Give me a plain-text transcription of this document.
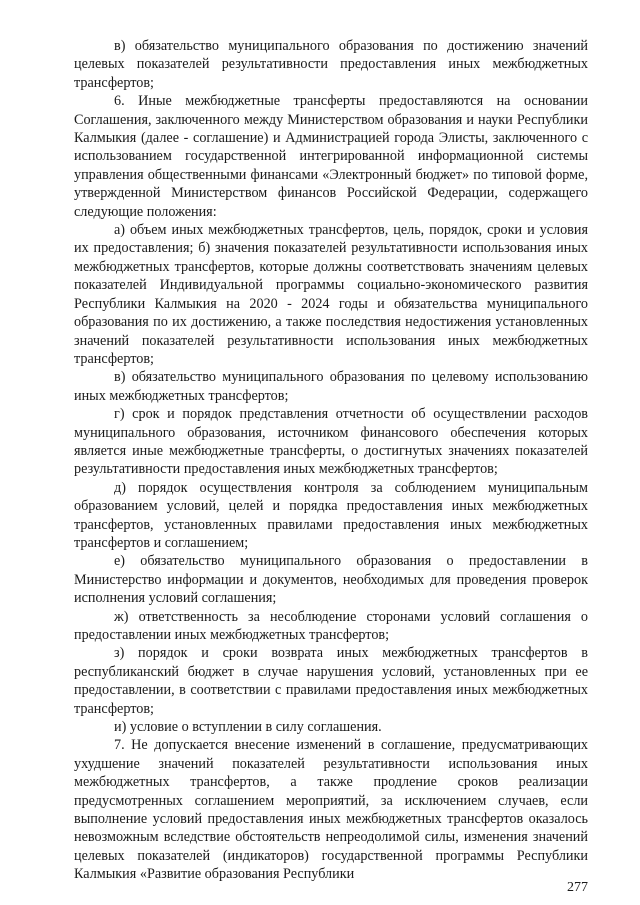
в) обязательство муниципального образования по достижению значений целевых показателей результативности предоставления иных межбюджетных трансфертов;

6. Иные межбюджетные трансферты предоставляются на основании Соглашения, заключенного между Министерством образования и науки Республики Калмыкия (далее - соглашение) и Администрацией города Элисты, заключенного с использованием государственной интегрированной информационной системы управления общественными финансами «Электронный бюджет» по типовой форме, утвержденной Министерством финансов Российской Федерации, содержащего следующие положения:

а) объем иных межбюджетных трансфертов, цель, порядок, сроки и условия их предоставления; б) значения показателей результативности использования иных межбюджетных трансфертов, которые должны соответствовать значениям целевых показателей Индивидуальной программы социально-экономического развития Республики Калмыкия на 2020 - 2024 годы и обязательства муниципального образования по их достижению, а также последствия недостижения установленных значений показателей результативности использования иных межбюджетных трансфертов;

в) обязательство муниципального образования по целевому использованию иных межбюджетных трансфертов;

г) срок и порядок представления отчетности об осуществлении расходов муниципального образования, источником финансового обеспечения которых является иные межбюджетные трансферты, о достигнутых значениях показателей результативности предоставления иных межбюджетных трансфертов;

д) порядок осуществления контроля за соблюдением муниципальным образованием условий, целей и порядка предоставления иных межбюджетных трансфертов, установленных правилами предоставления иных межбюджетных трансфертов и соглашением;

е) обязательство муниципального образования о предоставлении в Министерство информации и документов, необходимых для проведения проверок исполнения условий соглашения;

ж) ответственность за несоблюдение сторонами условий соглашения о предоставлении иных межбюджетных трансфертов;

з) порядок и сроки возврата иных межбюджетных трансфертов в республиканский бюджет в случае нарушения условий, установленных при ее предоставлении, в соответствии с правилами предоставления иных межбюджетных трансфертов;

и) условие о вступлении в силу соглашения.

7. Не допускается внесение изменений в соглашение, предусматривающих ухудшение значений показателей результативности использования иных межбюджетных трансфертов, а также продление сроков реализации предусмотренных соглашением мероприятий, за исключением случаев, если выполнение условий предоставления иных межбюджетных трансфертов оказалось невозможным вследствие обстоятельств непреодолимой силы, изменения значений целевых показателей (индикаторов) государственной программы Республики Калмыкия «Развитие образования Республики

277
